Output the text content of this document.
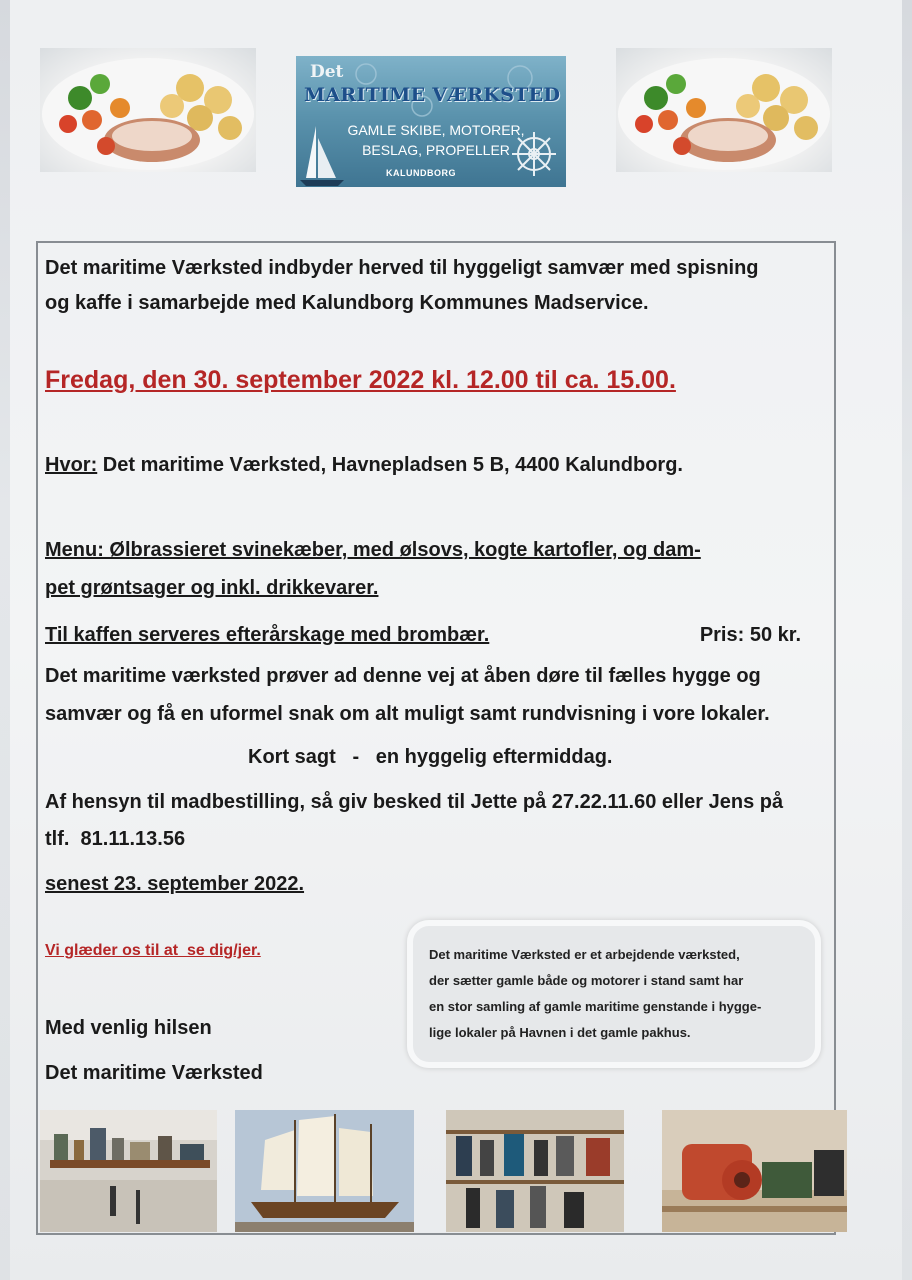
Det
MARITIME VÆRKSTED
GAMLE SKIBE, MOTORER,
BESLAG, PROPELLER
KALUNDBORG
Det maritime Værksted indbyder herved til hyggeligt samvær med spisning
og kaffe i samarbejde med Kalundborg Kommunes Madservice.
Fredag, den 30. september 2022 kl. 12.00 til ca. 15.00.
Hvor: Det maritime Værksted, Havnepladsen 5 B, 4400 Kalundborg.
Menu: Ølbrassieret svinekæber, med ølsovs, kogte kartofler, og dam-
pet grøntsager og inkl. drikkevarer.
Til kaffen serveres efterårskage med brombær.	Pris: 50 kr.
Det maritime værksted prøver ad denne vej at åben døre til fælles hygge og
samvær og få en uformel snak om alt muligt samt rundvisning i vore lokaler.
Kort sagt   -   en hyggelig eftermiddag.
Af hensyn til madbestilling, så giv besked til Jette på 27.22.11.60 eller Jens på
tlf.  81.11.13.56
senest 23. september 2022.
Vi glæder os til at  se dig/jer.
Med venlig hilsen
Det maritime Værksted

Det maritime Værksted er et arbejdende værksted,
der sætter gamle både og motorer i stand samt har
en stor samling af gamle maritime genstande i hygge-
lige lokaler på Havnen i det gamle pakhus.
